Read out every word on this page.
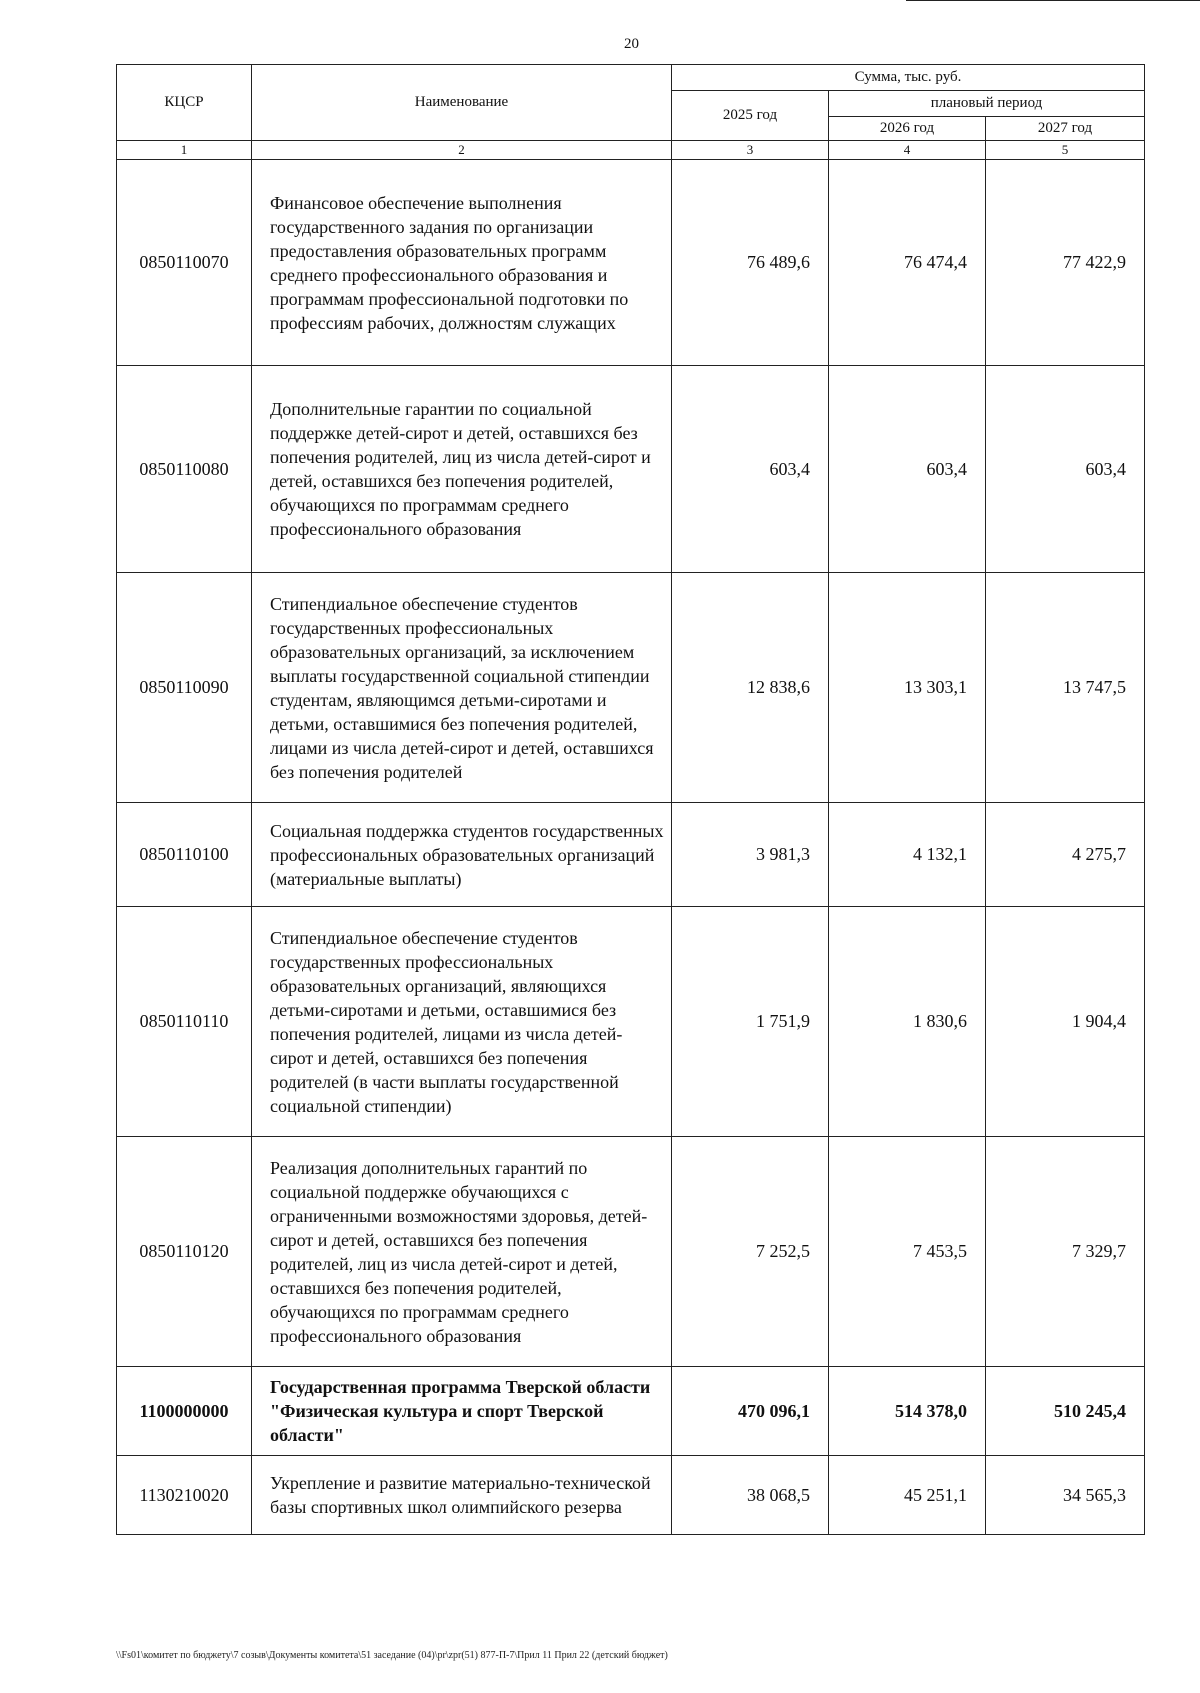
20
КЦСР	Наименование	Сумма, тыс. руб.		
		2025 год	плановый период	
			2026 год	2027 год
1	2	3	4	5
0850110070	Финансовое обеспечение выполнения государственного задания по организации предоставления образовательных программ среднего профессионального образования и программам профессиональной подготовки по профессиям рабочих, должностям служащих	76 489,6	76 474,4	77 422,9
0850110080	Дополнительные гарантии по социальной поддержке детей-сирот и детей, оставшихся без попечения родителей, лиц из числа детей-сирот и детей, оставшихся без попечения родителей, обучающихся по программам среднего профессионального образования	603,4	603,4	603,4
0850110090	Стипендиальное обеспечение студентов государственных профессиональных образовательных организаций, за исключением выплаты государственной социальной стипендии студентам, являющимся детьми-сиротами и детьми, оставшимися без попечения родителей, лицами из числа детей-сирот и детей, оставшихся без попечения родителей	12 838,6	13 303,1	13 747,5
0850110100	Социальная поддержка студентов государственных профессиональных образовательных организаций (материальные выплаты)	3 981,3	4 132,1	4 275,7
0850110110	Стипендиальное обеспечение студентов государственных профессиональных образовательных организаций, являющихся детьми-сиротами и детьми, оставшимися без попечения родителей, лицами из числа детей-сирот и детей, оставшихся без попечения родителей (в части выплаты государственной социальной стипендии)	1 751,9	1 830,6	1 904,4
0850110120	Реализация дополнительных гарантий по социальной поддержке обучающихся с ограниченными возможностями здоровья, детей-сирот и детей, оставшихся без попечения родителей, лиц из числа детей-сирот и детей, оставшихся без попечения родителей, обучающихся по программам среднего профессионального образования	7 252,5	7 453,5	7 329,7
1100000000	Государственная программа Тверской области "Физическая культура и спорт Тверской области"	470 096,1	514 378,0	510 245,4
1130210020	Укрепление и развитие материально-технической базы спортивных школ олимпийского резерва	38 068,5	45 251,1	34 565,3
\\Fs01\комитет по бюджету\7 созыв\Документы комитета\51 заседание (04)\pr\zpr(51) 877-П-7\Прил 11 Прил 22 (детский бюджет)
